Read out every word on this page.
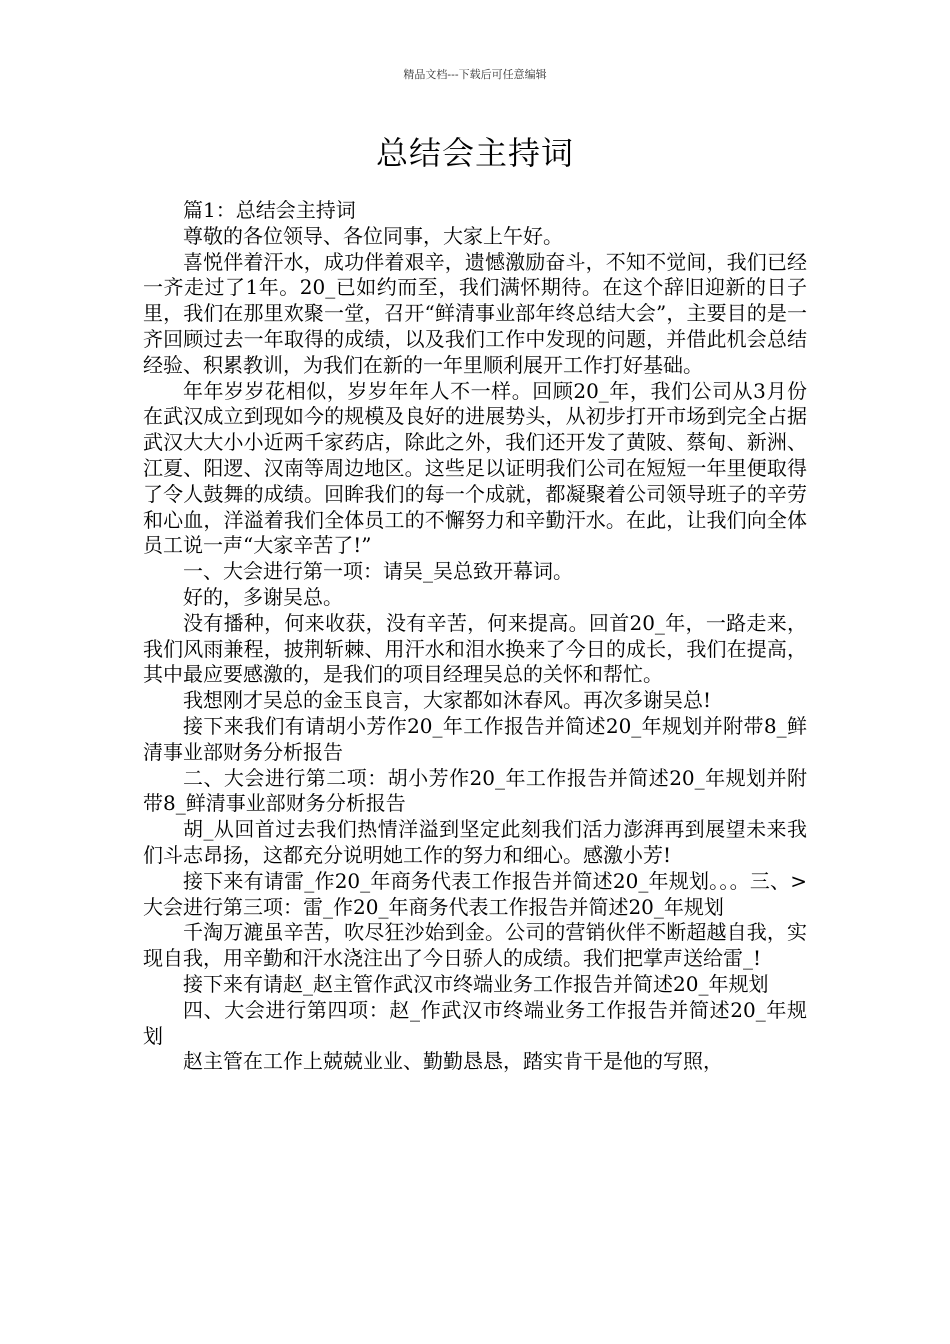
精品文档---下载后可任意编辑
总结会主持词

篇1：总结会主持词

尊敬的各位领导、各位同事，大家上午好。

喜悦伴着汗水，成功伴着艰辛，遗憾激励奋斗，不知不觉间，我们已经一齐走过了1年。20_已如约而至，我们满怀期待。在这个辞旧迎新的日子里，我们在那里欢聚一堂，召开“鲜清事业部年终总结大会”，主要目的是一齐回顾过去一年取得的成绩，以及我们工作中发现的问题，并借此机会总结经验、积累教训，为我们在新的一年里顺利展开工作打好基础。

年年岁岁花相似，岁岁年年人不一样。回顾20_年，我们公司从3月份在武汉成立到现如今的规模及良好的进展势头，从初步打开市场到完全占据武汉大大小小近两千家药店，除此之外，我们还开发了黄陂、蔡甸、新洲、江夏、阳逻、汉南等周边地区。这些足以证明我们公司在短短一年里便取得了令人鼓舞的成绩。回眸我们的每一个成就，都凝聚着公司领导班子的辛劳和心血，洋溢着我们全体员工的不懈努力和辛勤汗水。在此，让我们向全体员工说一声“大家辛苦了!”

一、大会进行第一项：请吴_吴总致开幕词。

好的，多谢吴总。

没有播种，何来收获，没有辛苦，何来提高。回首20_年，一路走来，我们风雨兼程，披荆斩棘、用汗水和泪水换来了今日的成长，我们在提高，其中最应要感激的，是我们的项目经理吴总的关怀和帮忙。

我想刚才吴总的金玉良言，大家都如沐春风。再次多谢吴总!

接下来我们有请胡小芳作20_年工作报告并简述20_年规划并附带8_鲜清事业部财务分析报告

二、大会进行第二项：胡小芳作20_年工作报告并简述20_年规划并附带8_鲜清事业部财务分析报告

胡_从回首过去我们热情洋溢到坚定此刻我们活力澎湃再到展望未来我们斗志昂扬，这都充分说明她工作的努力和细心。感激小芳!

接下来有请雷_作20_年商务代表工作报告并简述20_年规划。。。三、>大会进行第三项：雷_作20_年商务代表工作报告并简述20_年规划

千淘万漉虽辛苦，吹尽狂沙始到金。公司的营销伙伴不断超越自我，实现自我，用辛勤和汗水浇注出了今日骄人的成绩。我们把掌声送给雷_!

接下来有请赵_赵主管作武汉市终端业务工作报告并简述20_年规划

四、大会进行第四项：赵_作武汉市终端业务工作报告并简述20_年规划

赵主管在工作上兢兢业业、勤勤恳恳，踏实肯干是他的写照，
